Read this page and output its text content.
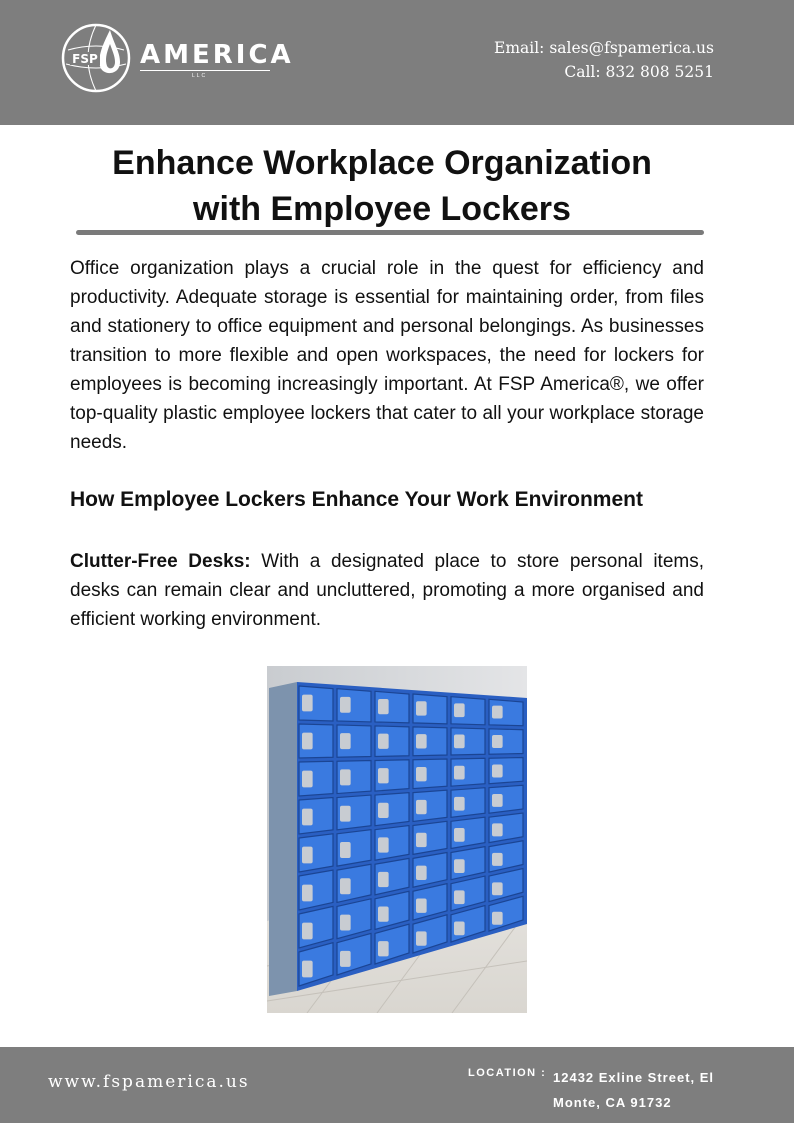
FSP AMERICA
LLC
Email: sales@fspamerica.us
Call: 832 808 5251
Enhance Workplace Organization
with Employee Lockers
Office organization plays a crucial role in the quest for efficiency and productivity. Adequate storage is essential for maintaining order, from files and stationery to office equipment and personal belongings. As businesses transition to more flexible and open workspaces, the need for lockers for employees is becoming increasingly important. At FSP America®, we offer top-quality plastic employee lockers that cater to all your workplace storage needs.
How Employee Lockers Enhance Your Work Environment
Clutter-Free Desks: With a designated place to store personal items, desks can remain clear and uncluttered, promoting a more organised and efficient working environment.
www.fspamerica.us	LOCATION : 12432 Exline Street, El Monte, CA 91732
